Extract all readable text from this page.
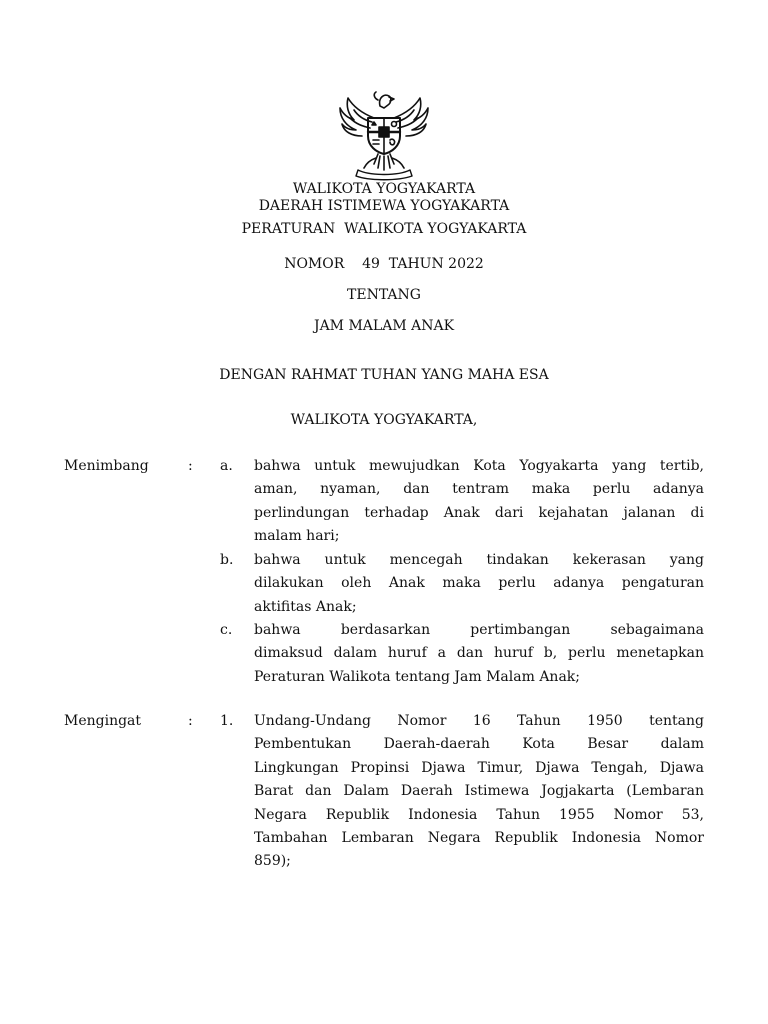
WALIKOTA YOGYAKARTA
DAERAH ISTIMEWA YOGYAKARTA
PERATURAN  WALIKOTA YOGYAKARTA
NOMOR    49  TAHUN 2022
TENTANG
JAM MALAM ANAK
DENGAN RAHMAT TUHAN YANG MAHA ESA
WALIKOTA YOGYAKARTA,
Menimbang	: a. bahwa untuk mewujudkan Kota Yogyakarta yang tertib,
aman, nyaman, dan tentram maka perlu adanya
perlindungan terhadap Anak dari kejahatan jalanan di
malam hari;
b. bahwa untuk mencegah tindakan kekerasan yang
dilakukan oleh Anak maka perlu adanya pengaturan
aktifitas Anak;
c. bahwa berdasarkan pertimbangan sebagaimana
dimaksud dalam huruf a dan huruf b, perlu menetapkan
Peraturan Walikota tentang Jam Malam Anak;
Mengingat	: 1. Undang-Undang Nomor 16 Tahun 1950 tentang
Pembentukan Daerah-daerah Kota Besar dalam
Lingkungan Propinsi Djawa Timur, Djawa Tengah, Djawa
Barat dan Dalam Daerah Istimewa Jogjakarta (Lembaran
Negara Republik Indonesia Tahun 1955 Nomor 53,
Tambahan Lembaran Negara Republik Indonesia Nomor
859);
